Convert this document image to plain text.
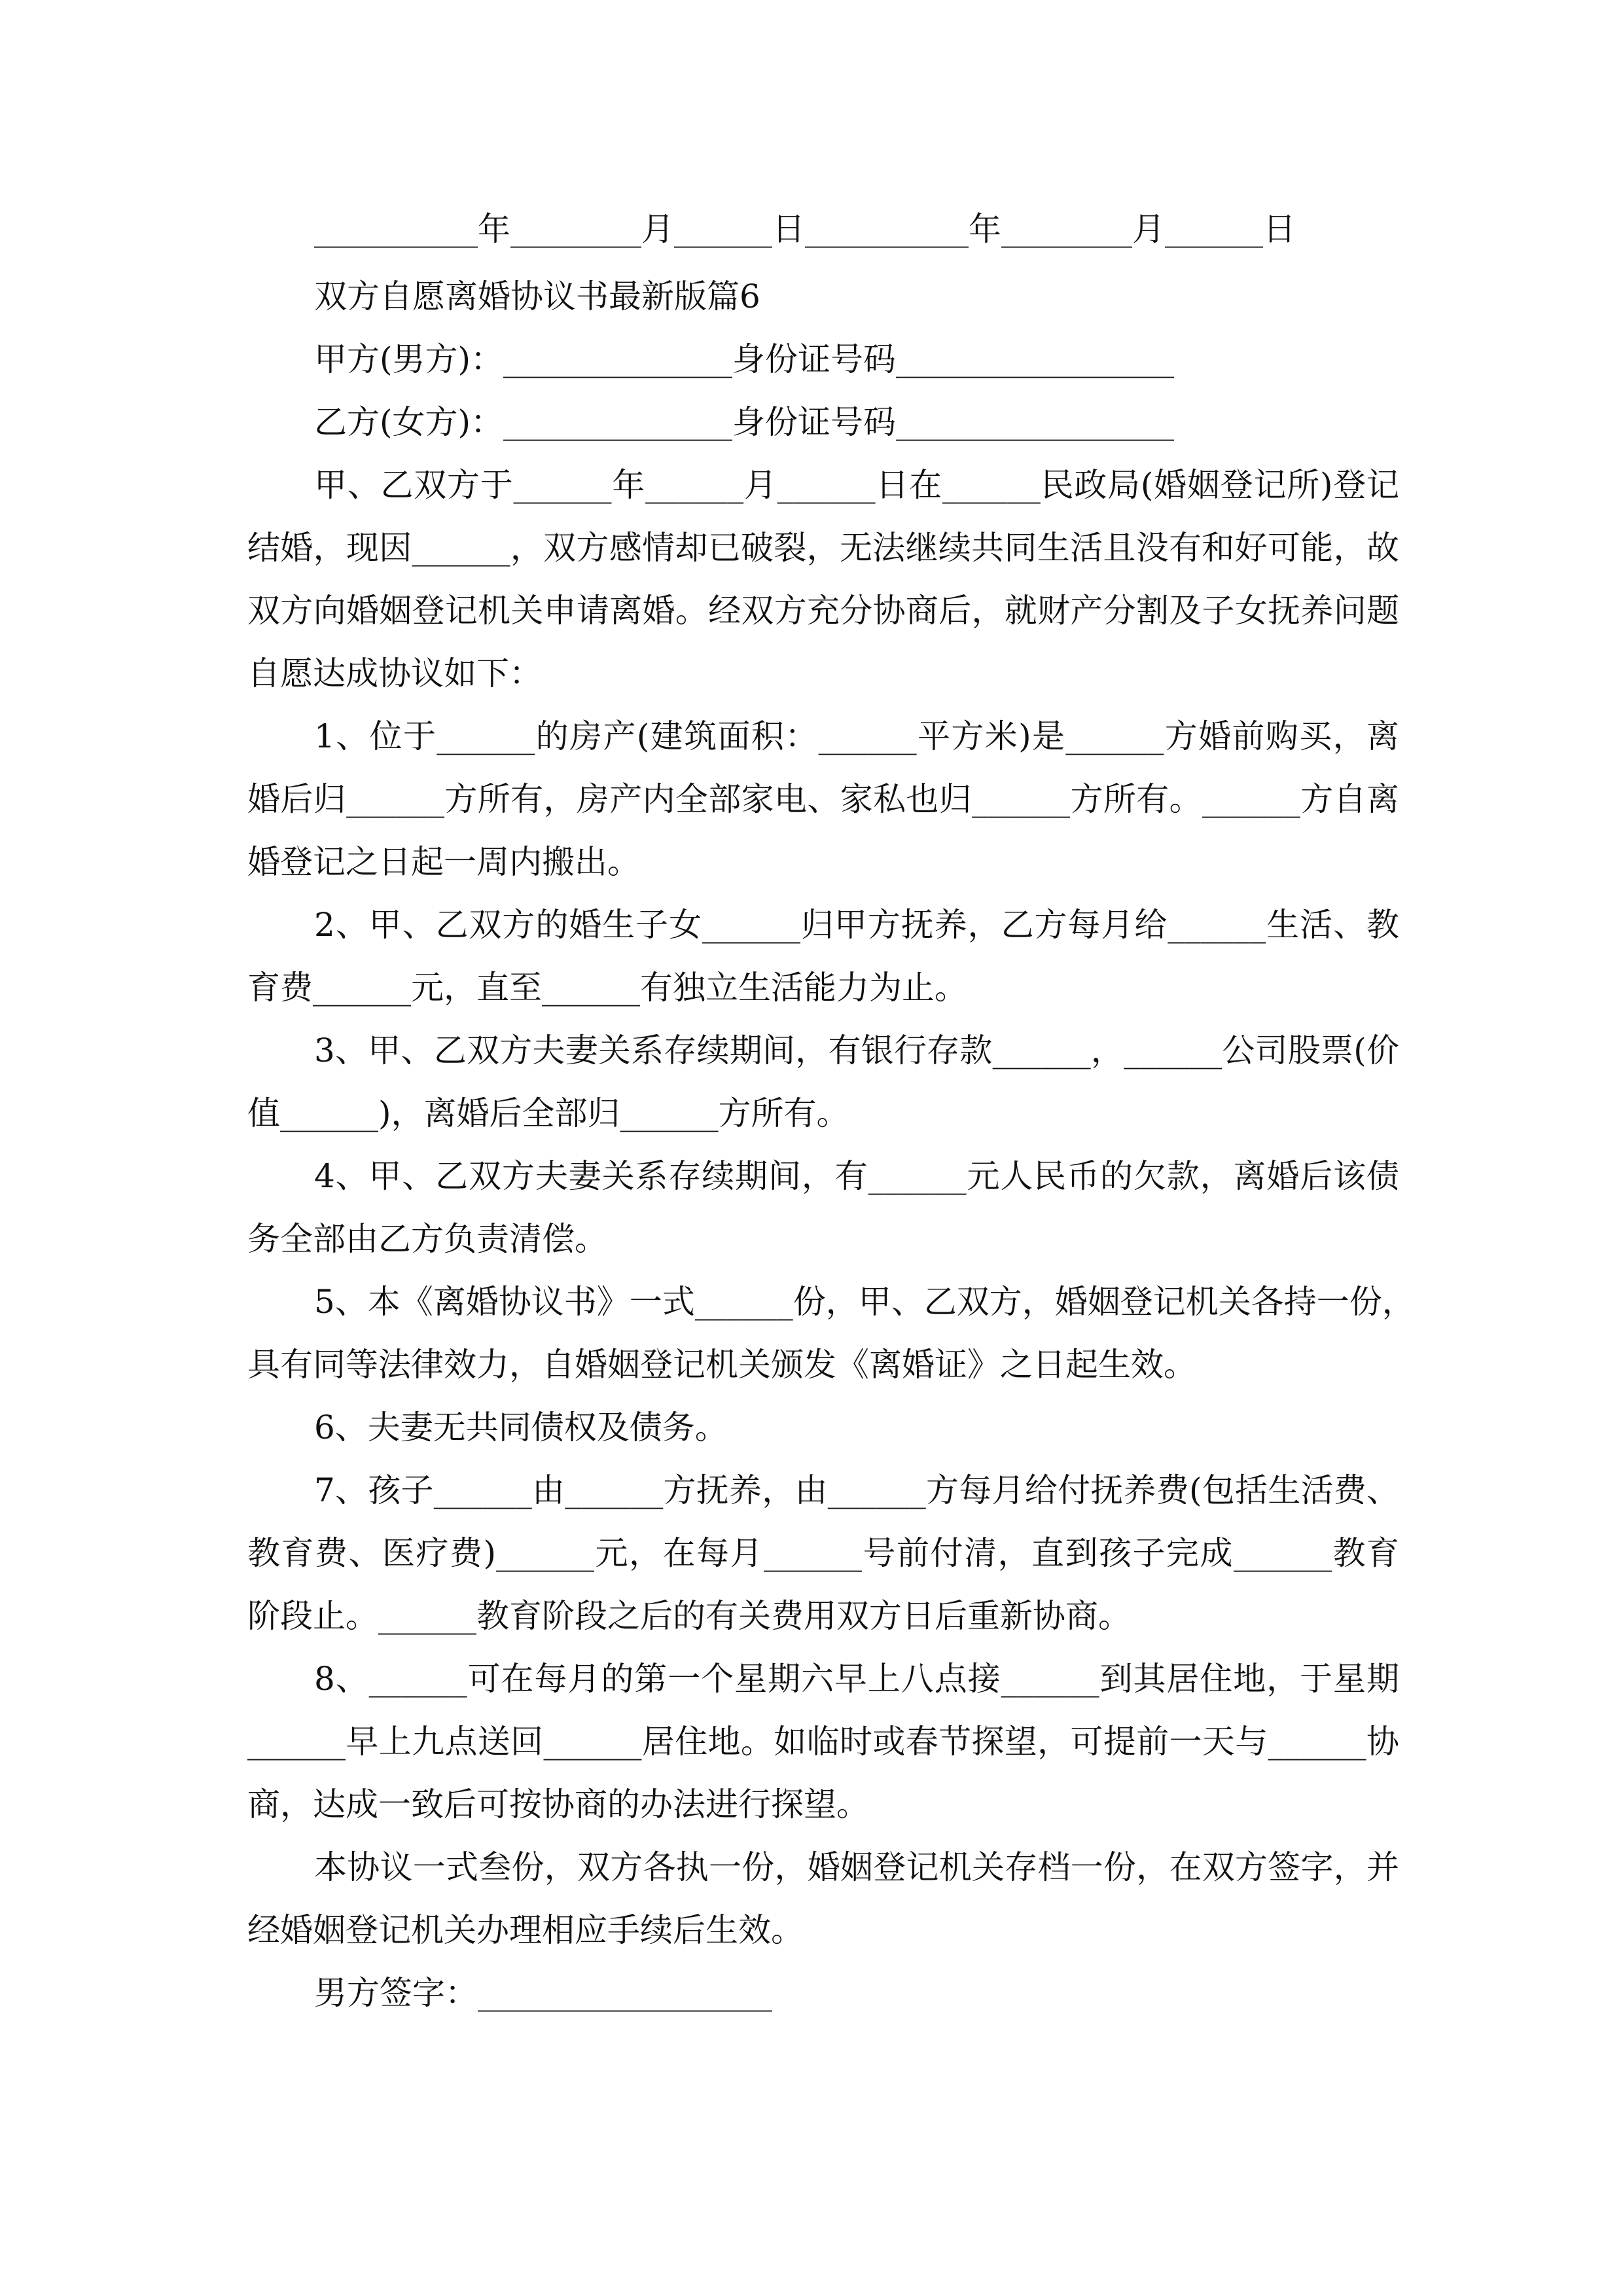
__________年________月______日__________年________月______日
双方自愿离婚协议书最新版篇6
甲方(男方)：______________身份证号码_________________
乙方(女方)：______________身份证号码_________________
甲、乙双方于______年______月______日在______民政局(婚姻登记所)登记
结婚，现因______，双方感情却已破裂，无法继续共同生活且没有和好可能，故
双方向婚姻登记机关申请离婚。经双方充分协商后，就财产分割及子女抚养问题
自愿达成协议如下：
1、位于______的房产(建筑面积：______平方米)是______方婚前购买，离
婚后归______方所有，房产内全部家电、家私也归______方所有。______方自离
婚登记之日起一周内搬出。
2、甲、乙双方的婚生子女______归甲方抚养，乙方每月给______生活、教
育费______元，直至______有独立生活能力为止。
3、甲、乙双方夫妻关系存续期间，有银行存款______，______公司股票(价
值______)，离婚后全部归______方所有。
4、甲、乙双方夫妻关系存续期间，有______元人民币的欠款，离婚后该债
务全部由乙方负责清偿。
5、本《离婚协议书》一式______份，甲、乙双方，婚姻登记机关各持一份，
具有同等法律效力，自婚姻登记机关颁发《离婚证》之日起生效。
6、夫妻无共同债权及债务。
7、孩子______由______方抚养，由______方每月给付抚养费(包括生活费、
教育费、医疗费)______元，在每月______号前付清，直到孩子完成______教育
阶段止。______教育阶段之后的有关费用双方日后重新协商。
8、______可在每月的第一个星期六早上八点接______到其居住地，于星期
______早上九点送回______居住地。如临时或春节探望，可提前一天与______协
商，达成一致后可按协商的办法进行探望。
本协议一式叁份，双方各执一份，婚姻登记机关存档一份，在双方签字，并
经婚姻登记机关办理相应手续后生效。
男方签字：__________________
